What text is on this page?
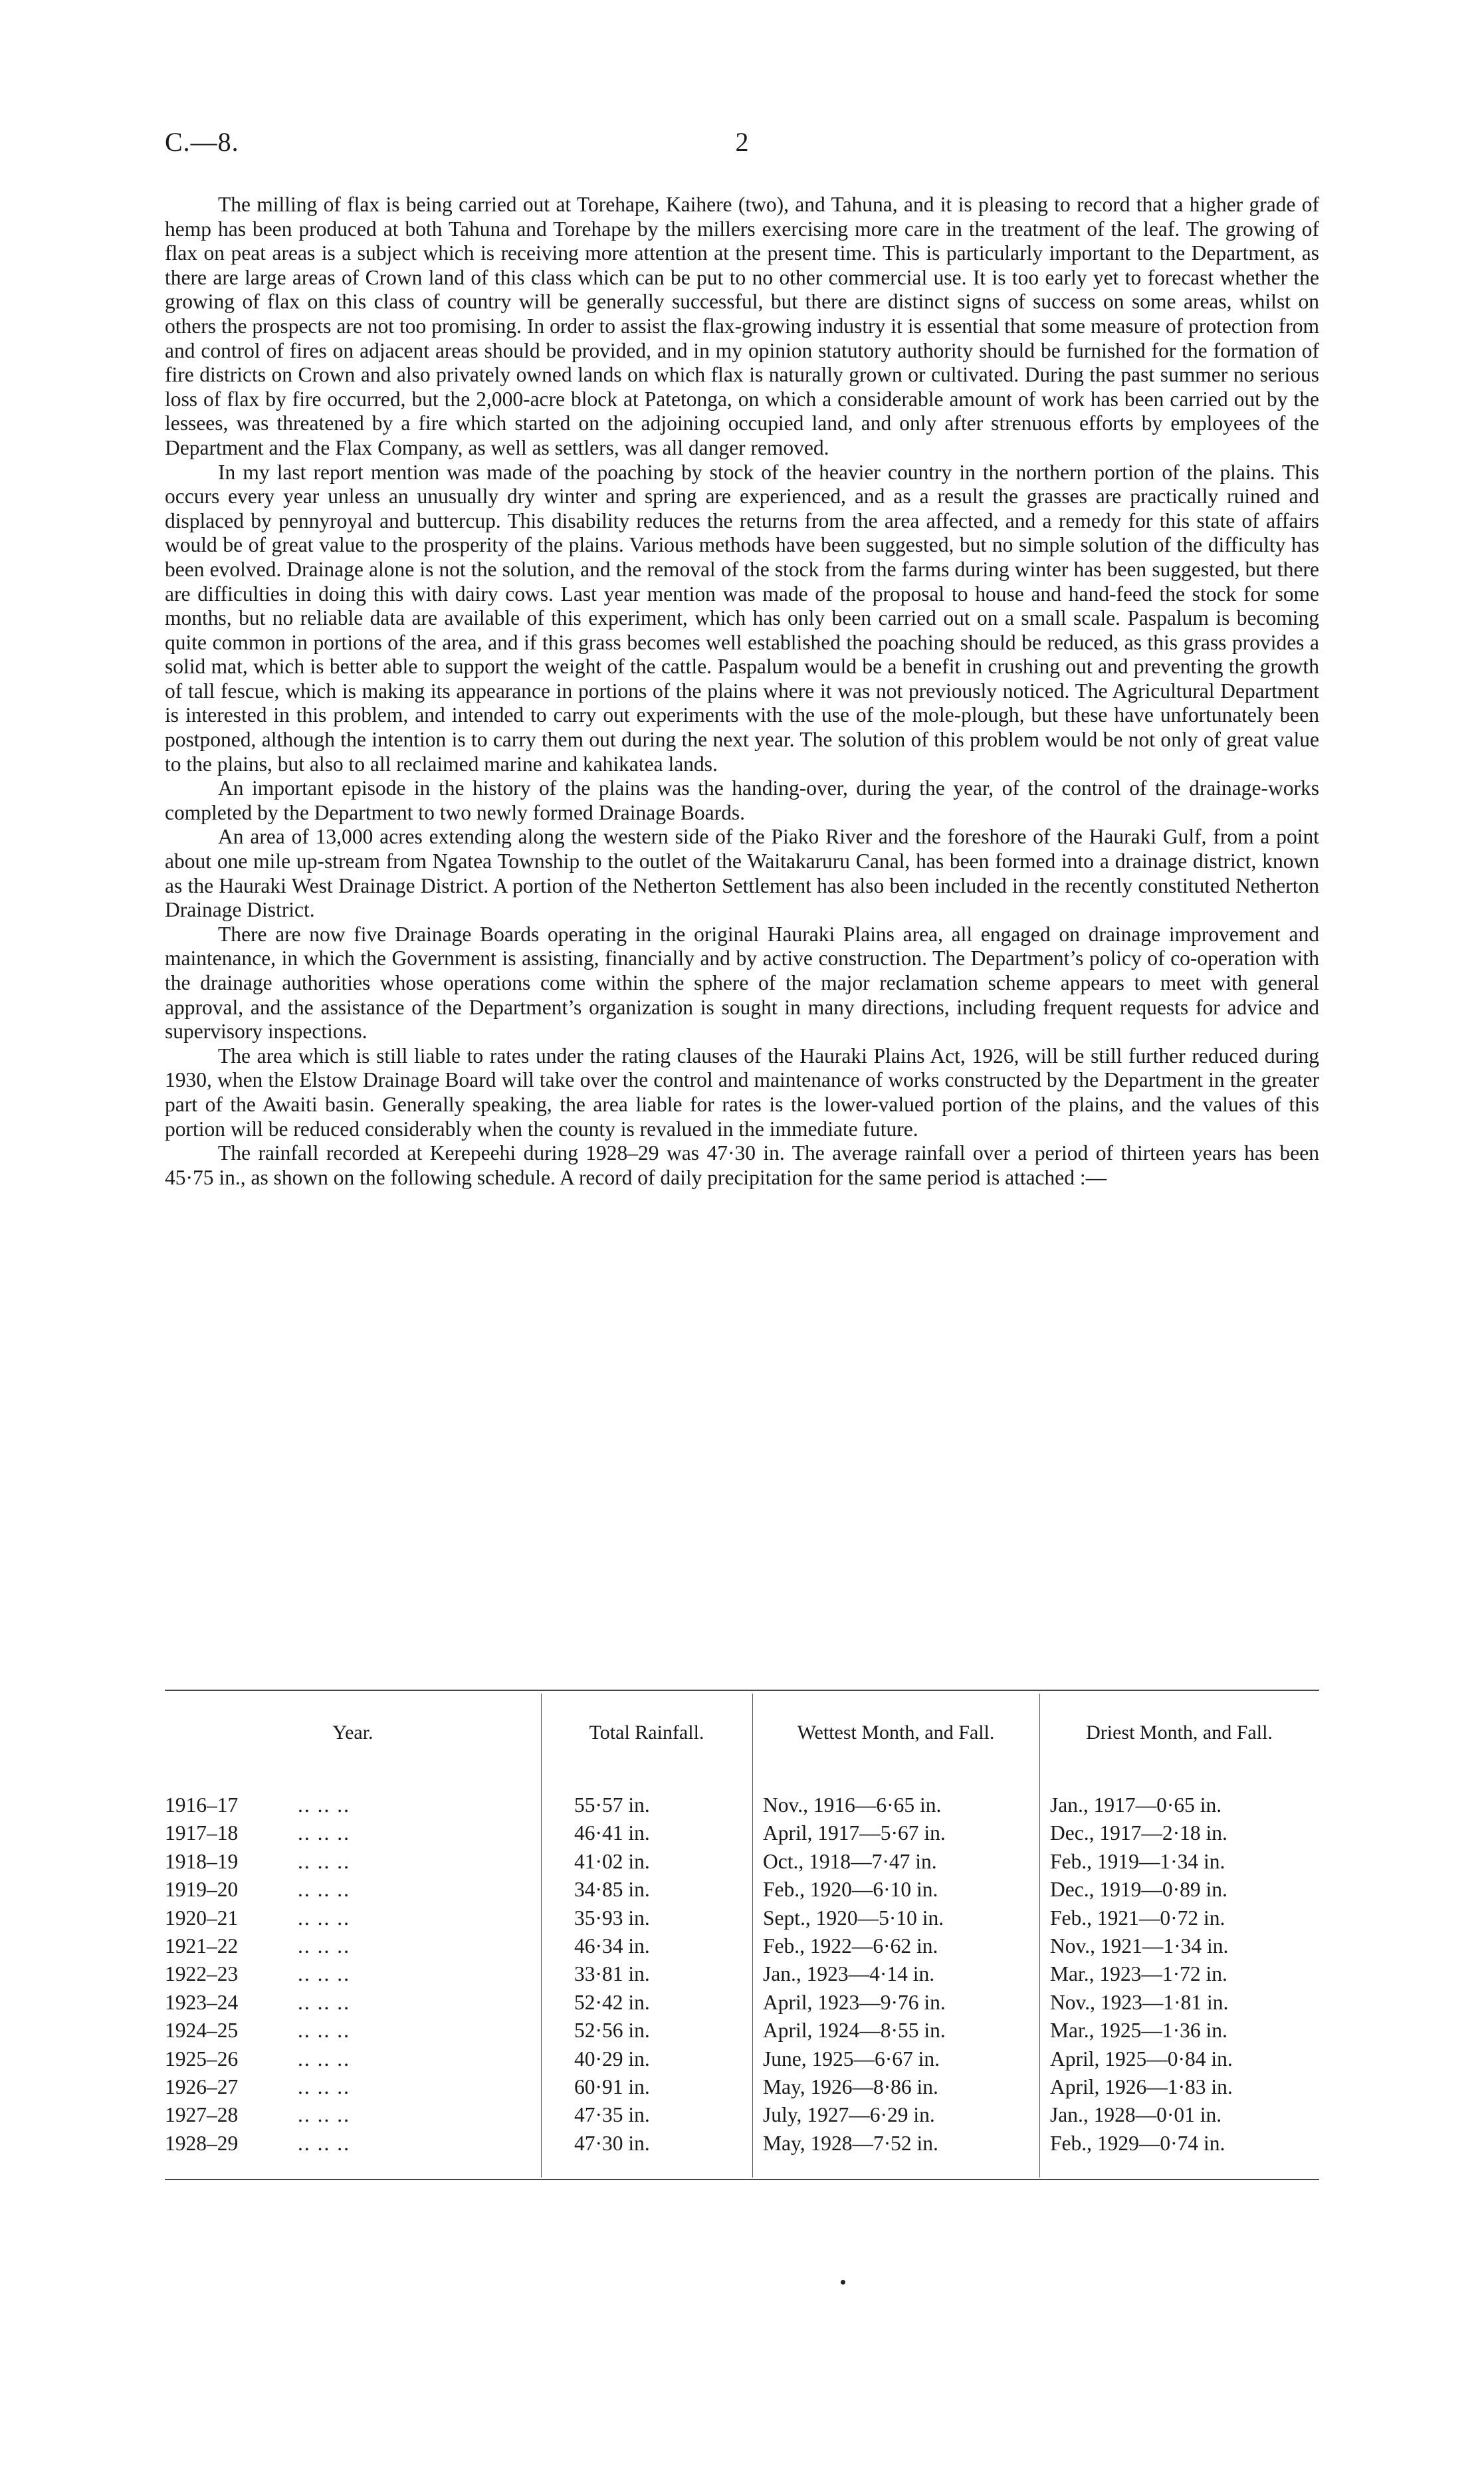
C.—8.	2

The milling of flax is being carried out at Torehape, Kaihere (two), and Tahuna, and it is pleasing to record that a higher grade of hemp has been produced at both Tahuna and Torehape by the millers exercising more care in the treatment of the leaf. The growing of flax on peat areas is a subject which is receiving more attention at the present time. This is particularly important to the Department, as there are large areas of Crown land of this class which can be put to no other commercial use. It is too early yet to forecast whether the growing of flax on this class of country will be generally successful, but there are distinct signs of success on some areas, whilst on others the prospects are not too promising. In order to assist the flax-growing industry it is essential that some measure of protection from and control of fires on adjacent areas should be provided, and in my opinion statutory authority should be furnished for the formation of fire districts on Crown and also privately owned lands on which flax is naturally grown or cultivated. During the past summer no serious loss of flax by fire occurred, but the 2,000-acre block at Patetonga, on which a considerable amount of work has been carried out by the lessees, was threatened by a fire which started on the adjoining occupied land, and only after strenuous efforts by employees of the Department and the Flax Company, as well as settlers, was all danger removed.

In my last report mention was made of the poaching by stock of the heavier country in the northern portion of the plains. This occurs every year unless an unusually dry winter and spring are experienced, and as a result the grasses are practically ruined and displaced by pennyroyal and buttercup. This disability reduces the returns from the area affected, and a remedy for this state of affairs would be of great value to the prosperity of the plains. Various methods have been suggested, but no simple solution of the difficulty has been evolved. Drainage alone is not the solution, and the removal of the stock from the farms during winter has been suggested, but there are difficulties in doing this with dairy cows. Last year mention was made of the proposal to house and hand-feed the stock for some months, but no reliable data are available of this experiment, which has only been carried out on a small scale. Paspalum is becoming quite common in portions of the area, and if this grass becomes well established the poaching should be reduced, as this grass provides a solid mat, which is better able to support the weight of the cattle. Paspalum would be a benefit in crushing out and preventing the growth of tall fescue, which is making its appearance in portions of the plains where it was not previously noticed. The Agricultural Department is interested in this problem, and intended to carry out experiments with the use of the mole-plough, but these have unfortunately been postponed, although the intention is to carry them out during the next year. The solution of this problem would be not only of great value to the plains, but also to all reclaimed marine and kahikatea lands.

An important episode in the history of the plains was the handing-over, during the year, of the control of the drainage-works completed by the Department to two newly formed Drainage Boards.

An area of 13,000 acres extending along the western side of the Piako River and the foreshore of the Hauraki Gulf, from a point about one mile up-stream from Ngatea Township to the outlet of the Waitakaruru Canal, has been formed into a drainage district, known as the Hauraki West Drainage District. A portion of the Netherton Settlement has also been included in the recently constituted Netherton Drainage District.

There are now five Drainage Boards operating in the original Hauraki Plains area, all engaged on drainage improvement and maintenance, in which the Government is assisting, financially and by active construction. The Department’s policy of co-operation with the drainage authorities whose operations come within the sphere of the major reclamation scheme appears to meet with general approval, and the assistance of the Department’s organization is sought in many directions, including frequent requests for advice and supervisory inspections.

The area which is still liable to rates under the rating clauses of the Hauraki Plains Act, 1926, will be still further reduced during 1930, when the Elstow Drainage Board will take over the control and maintenance of works constructed by the Department in the greater part of the Awaiti basin. Generally speaking, the area liable for rates is the lower-valued portion of the plains, and the values of this portion will be reduced considerably when the county is revalued in the immediate future.

The rainfall recorded at Kerepeehi during 1928–29 was 47·30 in. The average rainfall over a period of thirteen years has been 45·75 in., as shown on the following schedule. A record of daily precipitation for the same period is attached :—

Year.	Total Rainfall.	Wettest Month, and Fall.	Driest Month, and Fall.
1916–17	.. .. ..	55·57 in.	Nov., 1916—6·65 in.	Jan., 1917—0·65 in.
1917–18	.. .. ..	46·41 in.	April, 1917—5·67 in.	Dec., 1917—2·18 in.
1918–19	.. .. ..	41·02 in.	Oct., 1918—7·47 in.	Feb., 1919—1·34 in.
1919–20	.. .. ..	34·85 in.	Feb., 1920—6·10 in.	Dec., 1919—0·89 in.
1920–21	.. .. ..	35·93 in.	Sept., 1920—5·10 in.	Feb., 1921—0·72 in.
1921–22	.. .. ..	46·34 in.	Feb., 1922—6·62 in.	Nov., 1921—1·34 in.
1922–23	.. .. ..	33·81 in.	Jan., 1923—4·14 in.	Mar., 1923—1·72 in.
1923–24	.. .. ..	52·42 in.	April, 1923—9·76 in.	Nov., 1923—1·81 in.
1924–25	.. .. ..	52·56 in.	April, 1924—8·55 in.	Mar., 1925—1·36 in.
1925–26	.. .. ..	40·29 in.	June, 1925—6·67 in.	April, 1925—0·84 in.
1926–27	.. .. ..	60·91 in.	May, 1926—8·86 in.	April, 1926—1·83 in.
1927–28	.. .. ..	47·35 in.	July, 1927—6·29 in.	Jan., 1928—0·01 in.
1928–29	.. .. ..	47·30 in.	May, 1928—7·52 in.	Feb., 1929—0·74 in.
